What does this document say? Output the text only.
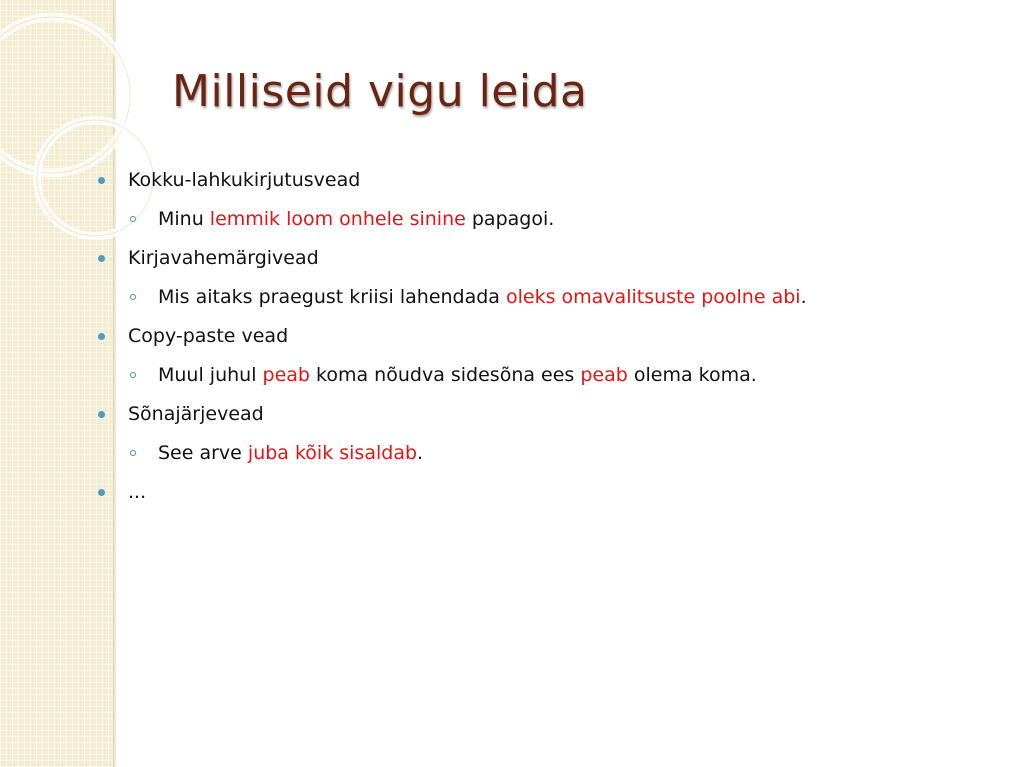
Milliseid vigu leida
Kokku-lahkukirjutusvead
Minu lemmik loom onhele sinine papagoi.
Kirjavahemärgivead
Mis aitaks praegust kriisi lahendada oleks omavalitsuste poolne abi.
Copy-paste vead
Muul juhul peab koma nõudva sidesõna ees peab olema koma.
Sõnajärjevead
See arve juba kõik sisaldab.
...
